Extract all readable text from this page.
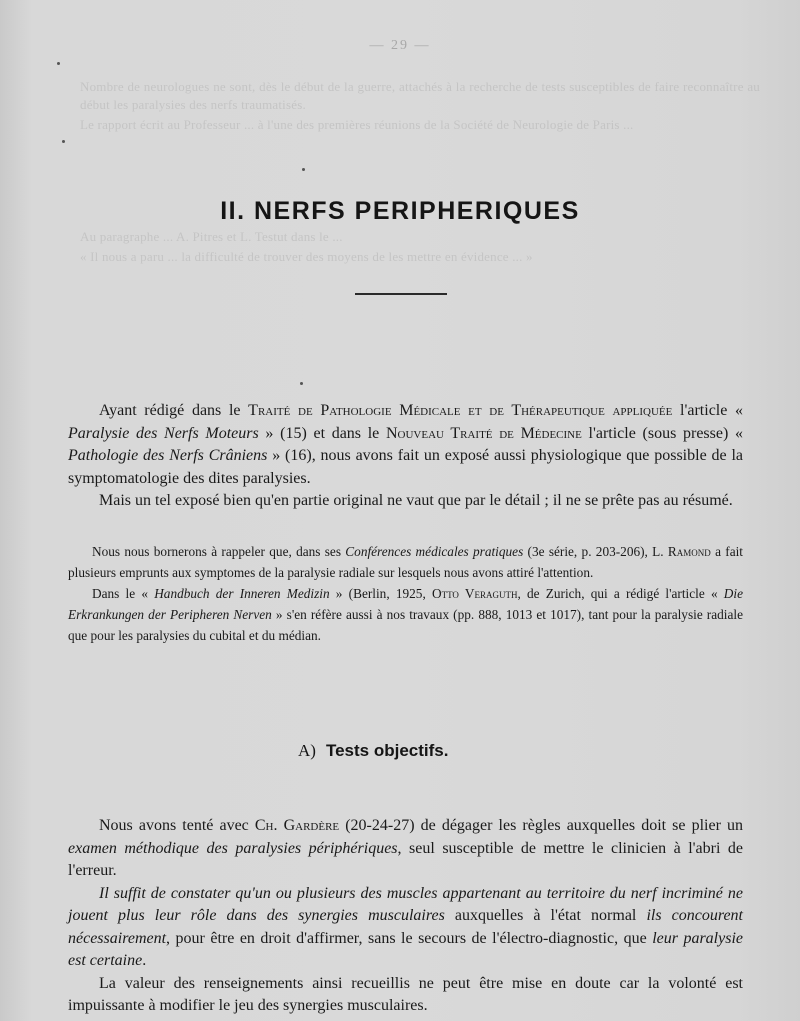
— 29 —

Nombre de neurologues ne sont, dès le début de la guerre, attachés à la recherche de tests susceptibles de faire reconnaître au début les paralysies des nerfs traumatisés.

Le rapport écrit au Professeur ... à l'une des premières réunions de la Société de Neurologie de Paris ...

Au paragraphe ... A. Pitres et L. Testut dans le ...

« Il nous a paru ... la difficulté de trouver des moyens de les mettre en évidence ... »

II. NERFS PERIPHERIQUES

Ayant rédigé dans le Traité de Pathologie Médicale et de Thérapeutique appliquée l'article « Paralysie des Nerfs Moteurs » (15) et dans le Nouveau Traité de Médecine l'article (sous presse) « Pathologie des Nerfs Crâniens » (16), nous avons fait un exposé aussi physiologique que possible de la symptomatologie des dites paralysies.

Mais un tel exposé bien qu'en partie original ne vaut que par le détail ; il ne se prête pas au résumé.

Nous nous bornerons à rappeler que, dans ses Conférences médicales pratiques (3e série, p. 203-206), L. Ramond a fait plusieurs emprunts aux symptomes de la paralysie radiale sur lesquels nous avons attiré l'attention.

Dans le « Handbuch der Inneren Medizin » (Berlin, 1925, Otto Veraguth, de Zurich, qui a rédigé l'article « Die Erkrankungen der Peripheren Nerven » s'en réfère aussi à nos travaux (pp. 888, 1013 et 1017), tant pour la paralysie radiale que pour les paralysies du cubital et du médian.

A) Tests objectifs.

Nous avons tenté avec Ch. Gardère (20-24-27) de dégager les règles auxquelles doit se plier un examen méthodique des paralysies périphériques, seul susceptible de mettre le clinicien à l'abri de l'erreur.

Il suffit de constater qu'un ou plusieurs des muscles appartenant au territoire du nerf incriminé ne jouent plus leur rôle dans des synergies musculaires auxquelles à l'état normal ils concourent nécessairement, pour être en droit d'affirmer, sans le secours de l'électro-diagnostic, que leur paralysie est certaine.

La valeur des renseignements ainsi recueillis ne peut être mise en doute car la volonté est impuissante à modifier le jeu des synergies musculaires.
